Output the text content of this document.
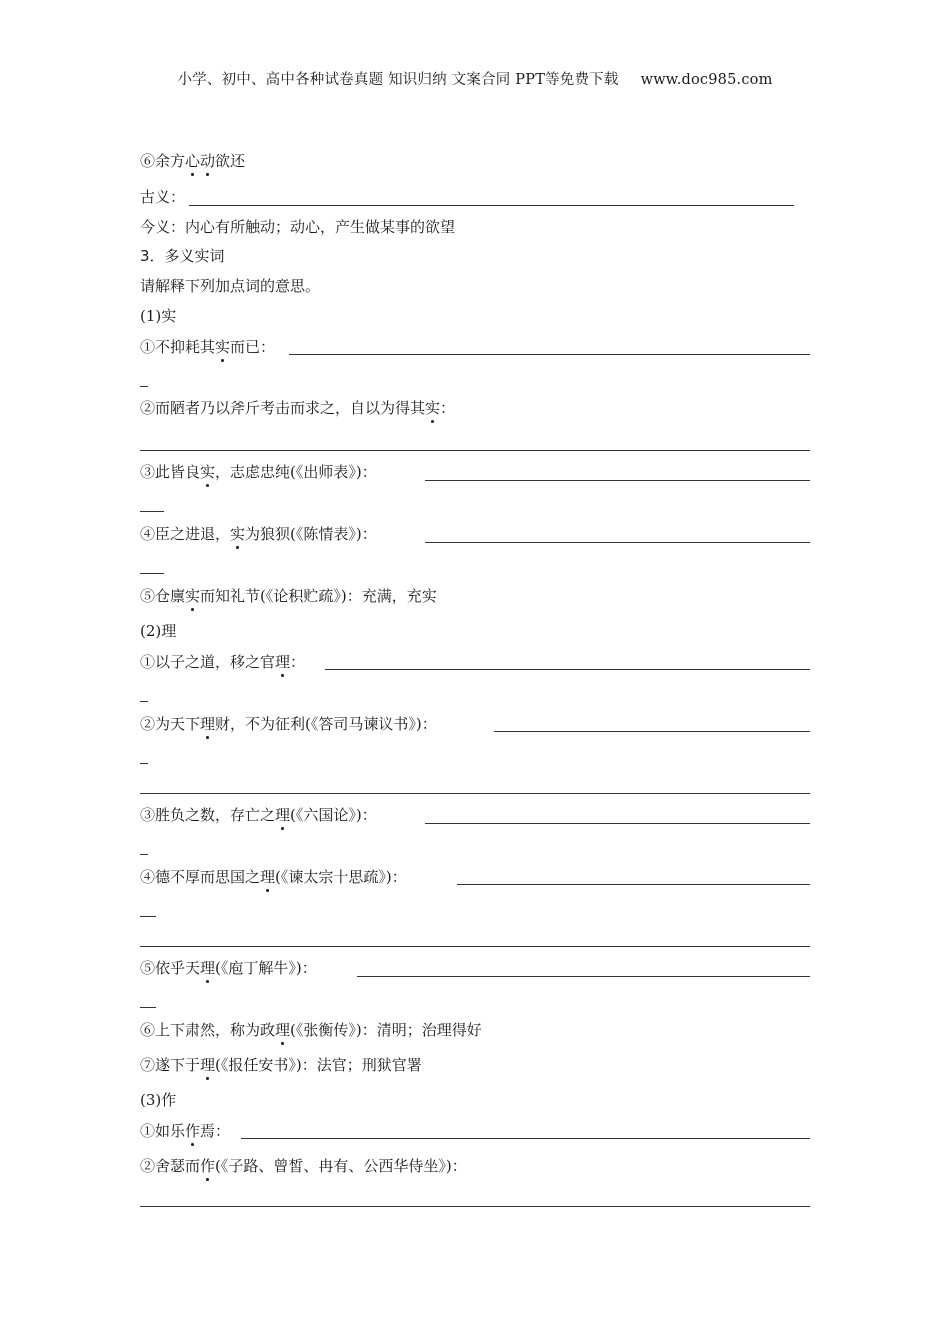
小学、初中、高中各种试卷真题 知识归纳 文案合同 PPT等免费下载 www.doc985.com
⑥余方心动欲还
古义：
今义：内心有所触动；动心，产生做某事的欲望
3．多义实词
请解释下列加点词的意思。
(1)实
①不抑耗其实而已：
②而陋者乃以斧斤考击而求之，自以为得其实：
③此皆良实，志虑忠纯(《出师表》)：
④臣之进退，实为狼狈(《陈情表》)：
⑤仓廪实而知礼节(《论积贮疏》)：充满，充实
(2)理
①以子之道，移之官理：
②为天下理财，不为征利(《答司马谏议书》)：
③胜负之数，存亡之理(《六国论》)：
④德不厚而思国之理(《谏太宗十思疏》)：
⑤依乎天理(《庖丁解牛》)：
⑥上下肃然，称为政理(《张衡传》)：清明；治理得好
⑦遂下于理(《报任安书》)：法官；刑狱官署
(3)作
①如乐作焉：
②舍瑟而作(《子路、曾皙、冉有、公西华侍坐》)：
